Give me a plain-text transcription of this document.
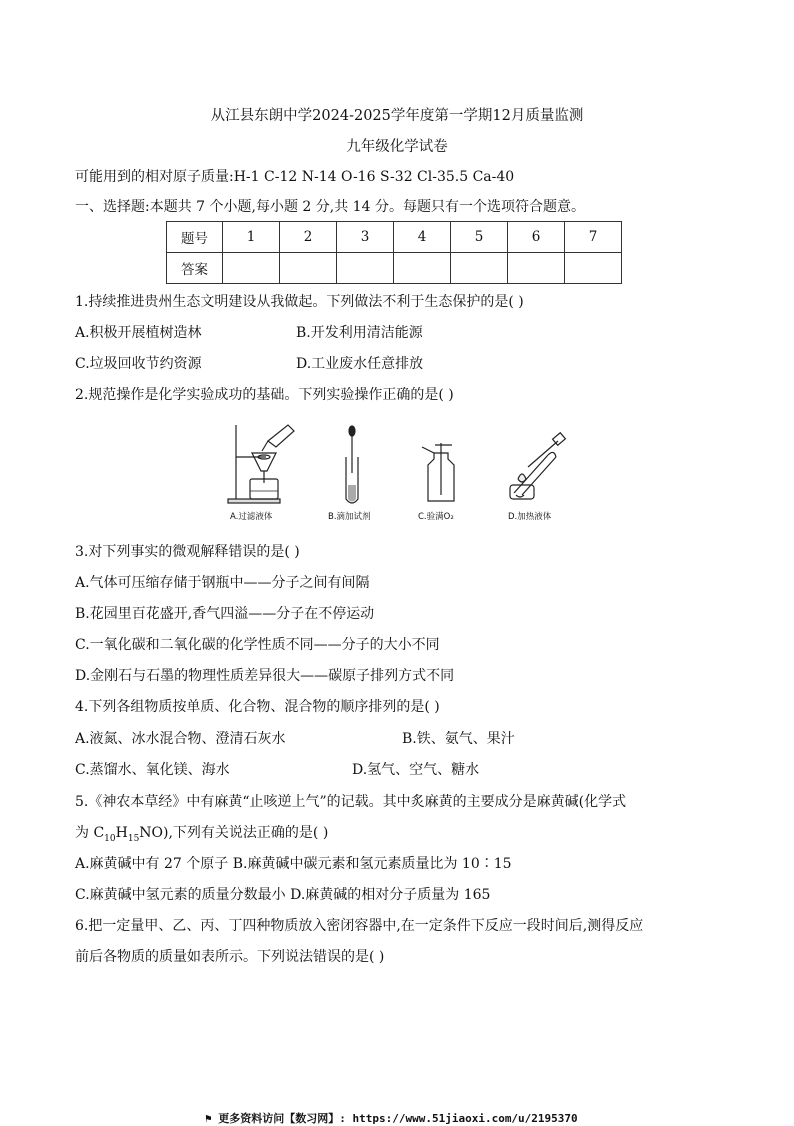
从江县东朗中学2024-2025学年度第一学期12月质量监测
九年级化学试卷
可能用到的相对原子质量:H-1 C-12 N-14 O-16 S-32 Cl-35.5 Ca-40
一、选择题:本题共 7 个小题,每小题 2 分,共 14 分。每题只有一个选项符合题意。
题号	1	2	3	4	5	6	7
答案							
1.持续推进贵州生态文明建设从我做起。下列做法不利于生态保护的是( )
A.积极开展植树造林	B.开发利用清洁能源
C.垃圾回收节约资源	D.工业废水任意排放
2.规范操作是化学实验成功的基础。下列实验操作正确的是( )
A.过滤液体	B.滴加试剂	C.验满O₂	D.加热液体
3.对下列事实的微观解释错误的是( )
A.气体可压缩存储于钢瓶中——分子之间有间隔
B.花园里百花盛开,香气四溢——分子在不停运动
C.一氧化碳和二氧化碳的化学性质不同——分子的大小不同
D.金刚石与石墨的物理性质差异很大——碳原子排列方式不同
4.下列各组物质按单质、化合物、混合物的顺序排列的是( )
A.液氮、冰水混合物、澄清石灰水	B.铁、氨气、果汁
C.蒸馏水、氧化镁、海水	D.氢气、空气、糖水
5.《神农本草经》中有麻黄“止咳逆上气”的记载。其中炙麻黄的主要成分是麻黄碱(化学式
为 $C_{10}H_{15}NO$),下列有关说法正确的是( )
A.麻黄碱中有 27 个原子 B.麻黄碱中碳元素和氢元素质量比为 10∶15
C.麻黄碱中氢元素的质量分数最小 D.麻黄碱的相对分子质量为 165
6.把一定量甲、乙、丙、丁四种物质放入密闭容器中,在一定条件下反应一段时间后,测得反应
前后各物质的质量如表所示。下列说法错误的是( )
⚑ 更多资料访问【数习网】: https://www.51jiaoxi.com/u/2195370
